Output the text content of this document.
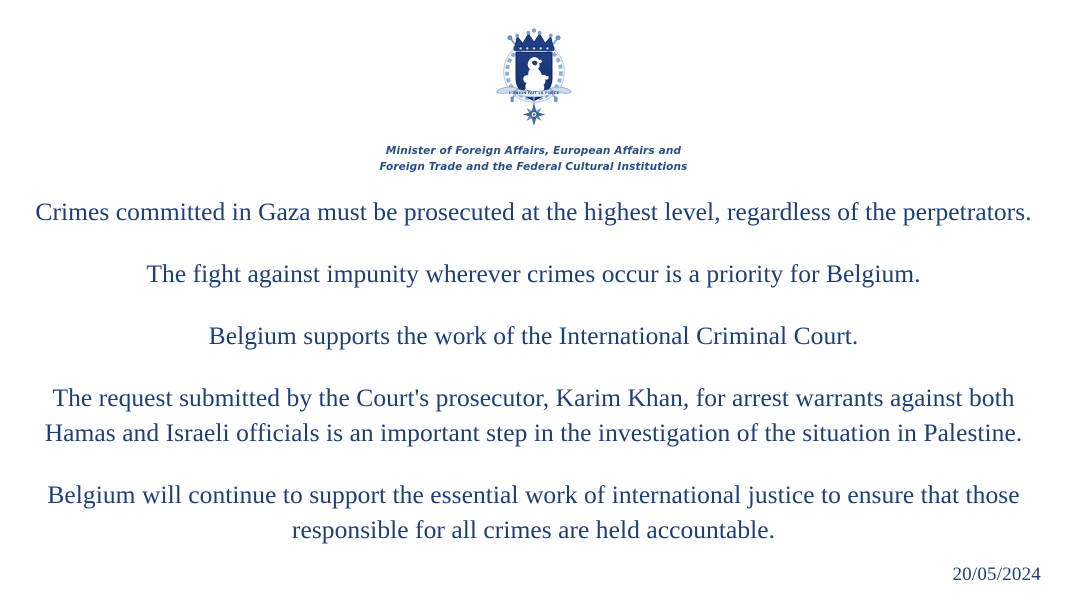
L'UNION FAIT LA FORCE
Minister of Foreign Affairs, European Affairs and
Foreign Trade and the Federal Cultural Institutions

Crimes committed in Gaza must be prosecuted at the highest level, regardless of the perpetrators.

The fight against impunity wherever crimes occur is a priority for Belgium.

Belgium supports the work of the International Criminal Court.

The request submitted by the Court's prosecutor, Karim Khan, for arrest warrants against both Hamas and Israeli officials is an important step in the investigation of the situation in Palestine.

Belgium will continue to support the essential work of international justice to ensure that those responsible for all crimes are held accountable.

20/05/2024
